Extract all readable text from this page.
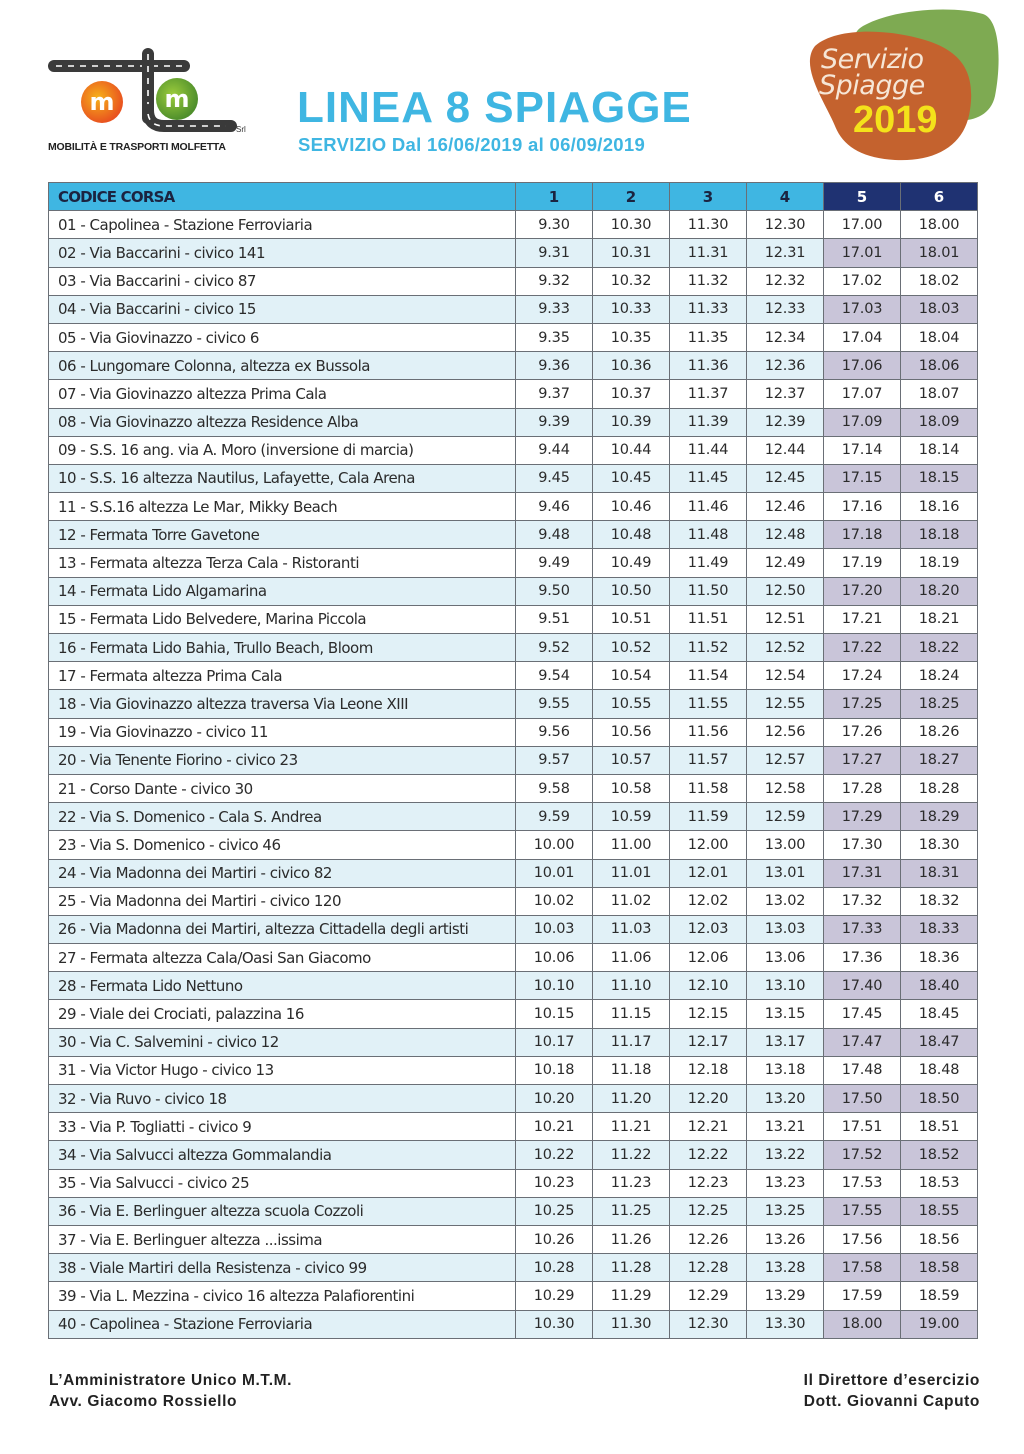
m m
Srl
MOBILITÀ E TRASPORTI MOLFETTA
LINEA 8 SPIAGGE
SERVIZIO Dal 16/06/2019 al 06/09/2019
Servizio
Spiagge
2019
CODICE CORSA	1	2	3	4	5	6
01 - Capolinea - Stazione Ferroviaria	9.30	10.30	11.30	12.30	17.00	18.00
02 - Via Baccarini - civico 141	9.31	10.31	11.31	12.31	17.01	18.01
03 - Via Baccarini - civico 87	9.32	10.32	11.32	12.32	17.02	18.02
04 - Via Baccarini - civico 15	9.33	10.33	11.33	12.33	17.03	18.03
05 - Via Giovinazzo - civico 6	9.35	10.35	11.35	12.34	17.04	18.04
06 - Lungomare Colonna, altezza ex Bussola	9.36	10.36	11.36	12.36	17.06	18.06
07 - Via Giovinazzo altezza Prima Cala	9.37	10.37	11.37	12.37	17.07	18.07
08 - Via Giovinazzo altezza Residence Alba	9.39	10.39	11.39	12.39	17.09	18.09
09 - S.S. 16 ang. via A. Moro (inversione di marcia)	9.44	10.44	11.44	12.44	17.14	18.14
10 - S.S. 16 altezza Nautilus, Lafayette, Cala Arena	9.45	10.45	11.45	12.45	17.15	18.15
11 - S.S.16 altezza Le Mar, Mikky Beach	9.46	10.46	11.46	12.46	17.16	18.16
12 - Fermata Torre Gavetone	9.48	10.48	11.48	12.48	17.18	18.18
13 - Fermata altezza Terza Cala - Ristoranti	9.49	10.49	11.49	12.49	17.19	18.19
14 - Fermata Lido Algamarina	9.50	10.50	11.50	12.50	17.20	18.20
15 - Fermata Lido Belvedere, Marina Piccola	9.51	10.51	11.51	12.51	17.21	18.21
16 - Fermata Lido Bahia, Trullo Beach, Bloom	9.52	10.52	11.52	12.52	17.22	18.22
17 - Fermata altezza Prima Cala	9.54	10.54	11.54	12.54	17.24	18.24
18 - Via Giovinazzo altezza traversa Via Leone XIII	9.55	10.55	11.55	12.55	17.25	18.25
19 - Via Giovinazzo - civico 11	9.56	10.56	11.56	12.56	17.26	18.26
20 - Via Tenente Fiorino - civico 23	9.57	10.57	11.57	12.57	17.27	18.27
21 - Corso Dante - civico 30	9.58	10.58	11.58	12.58	17.28	18.28
22 - Via S. Domenico - Cala S. Andrea	9.59	10.59	11.59	12.59	17.29	18.29
23 - Via S. Domenico - civico 46	10.00	11.00	12.00	13.00	17.30	18.30
24 - Via Madonna dei Martiri - civico 82	10.01	11.01	12.01	13.01	17.31	18.31
25 - Via Madonna dei Martiri - civico 120	10.02	11.02	12.02	13.02	17.32	18.32
26 - Via Madonna dei Martiri, altezza Cittadella degli artisti	10.03	11.03	12.03	13.03	17.33	18.33
27 - Fermata altezza Cala/Oasi San Giacomo	10.06	11.06	12.06	13.06	17.36	18.36
28 - Fermata Lido Nettuno	10.10	11.10	12.10	13.10	17.40	18.40
29 - Viale dei Crociati, palazzina 16	10.15	11.15	12.15	13.15	17.45	18.45
30 - Via C. Salvemini - civico 12	10.17	11.17	12.17	13.17	17.47	18.47
31 - Via Victor Hugo - civico 13	10.18	11.18	12.18	13.18	17.48	18.48
32 - Via Ruvo - civico 18	10.20	11.20	12.20	13.20	17.50	18.50
33 - Via P. Togliatti - civico 9	10.21	11.21	12.21	13.21	17.51	18.51
34 - Via Salvucci altezza Gommalandia	10.22	11.22	12.22	13.22	17.52	18.52
35 - Via Salvucci - civico 25	10.23	11.23	12.23	13.23	17.53	18.53
36 - Via E. Berlinguer altezza scuola Cozzoli	10.25	11.25	12.25	13.25	17.55	18.55
37 - Via E. Berlinguer altezza ...issima	10.26	11.26	12.26	13.26	17.56	18.56
38 - Viale Martiri della Resistenza - civico 99	10.28	11.28	12.28	13.28	17.58	18.58
39 - Via L. Mezzina - civico 16 altezza Palafiorentini	10.29	11.29	12.29	13.29	17.59	18.59
40 - Capolinea - Stazione Ferroviaria	10.30	11.30	12.30	13.30	18.00	19.00
L’Amministratore Unico M.T.M.
Avv. Giacomo Rossiello
Il Direttore d’esercizio
Dott. Giovanni Caputo
